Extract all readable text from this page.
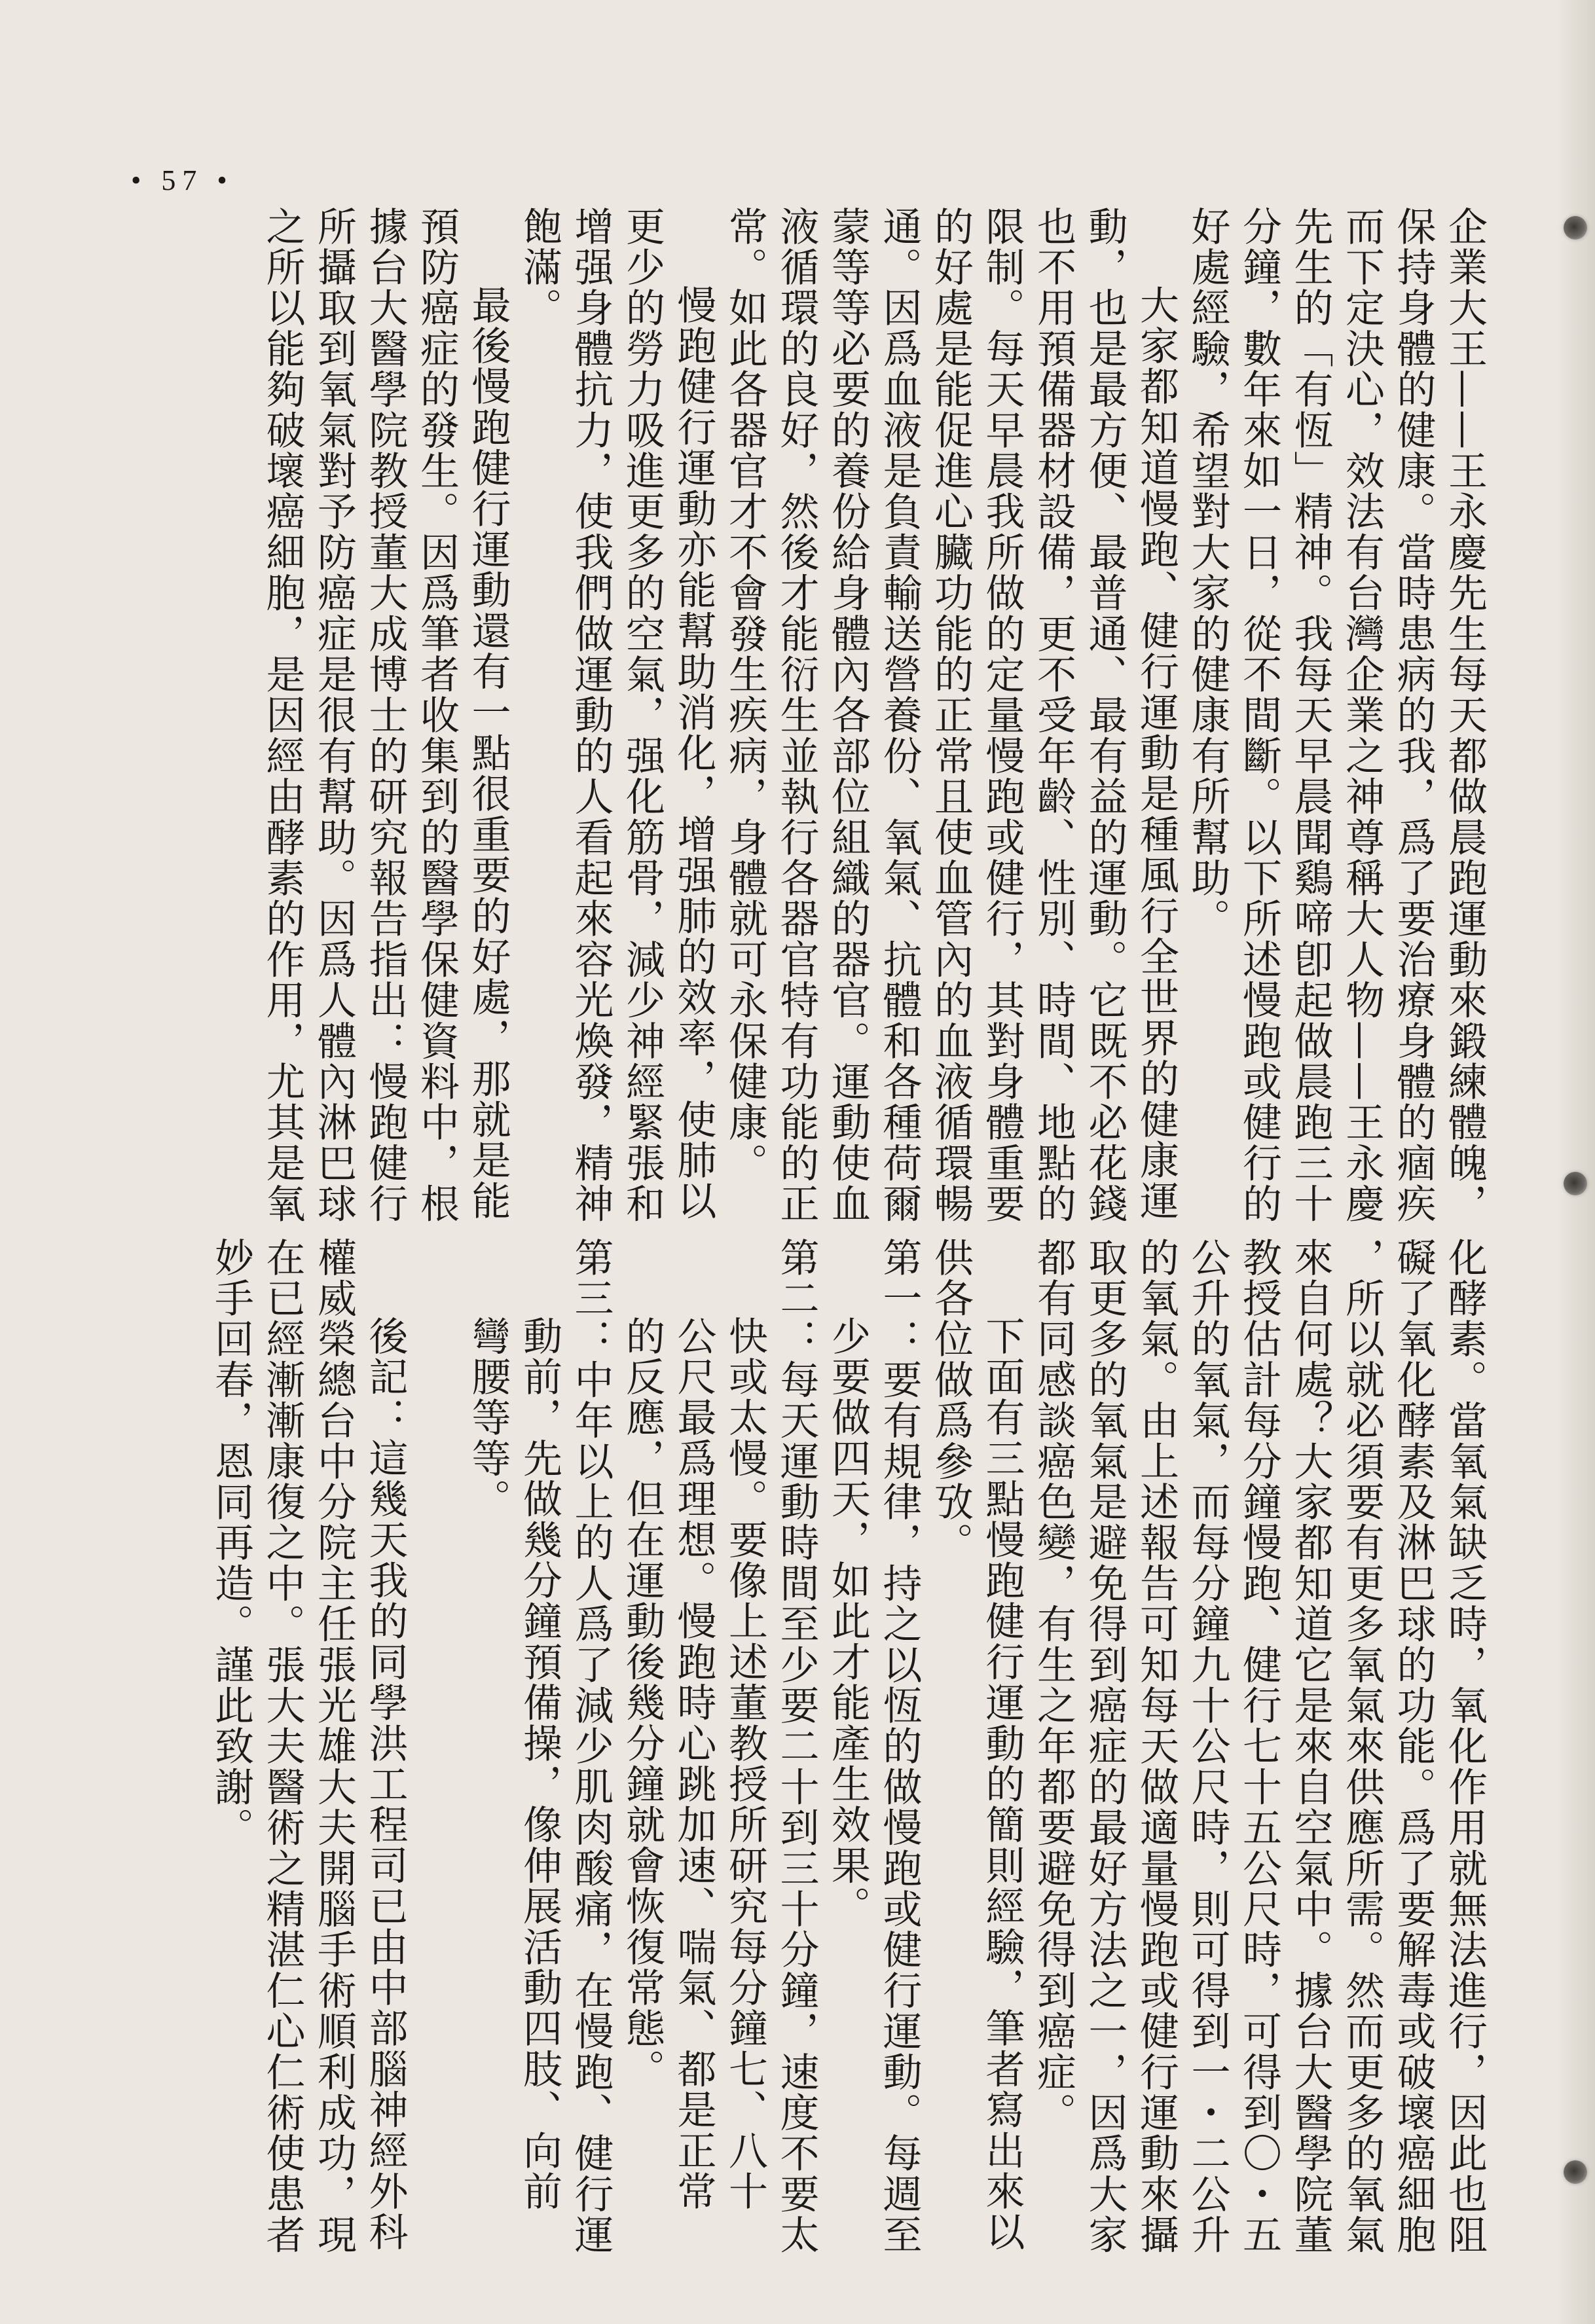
• 57 •
企業大王——王永慶先生每天都做晨跑運動來鍛練體魄，
保持身體的健康。當時患病的我，爲了要治療身體的痼疾
而下定決心，效法有台灣企業之神尊稱大人物——王永慶
先生的「有恆」精神。我每天早晨聞鷄啼卽起做晨跑三十
分鐘，數年來如一日，從不間斷。以下所述慢跑或健行的
好處經驗，希望對大家的健康有所幫助。
大家都知道慢跑、健行運動是種風行全世界的健康運
動，也是最方便、最普通、最有益的運動。它既不必花錢
也不用預備器材設備，更不受年齡、性別、時間、地點的
限制。每天早晨我所做的定量慢跑或健行，其對身體重要
的好處是能促進心臟功能的正常且使血管內的血液循環暢
通。因爲血液是負責輸送營養份、氧氣、抗體和各種荷爾
蒙等等必要的養份給身體內各部位組織的器官。運動使血
液循環的良好，然後才能衍生並執行各器官特有功能的正
常。如此各器官才不會發生疾病，身體就可永保健康。
慢跑健行運動亦能幫助消化，增强肺的效率，使肺以
更少的勞力吸進更多的空氣，强化筋骨，減少神經緊張和
增强身體抗力，使我們做運動的人看起來容光煥發，精神
飽滿。
最後慢跑健行運動還有一點很重要的好處，那就是能
預防癌症的發生。因爲筆者收集到的醫學保健資料中，根
據台大醫學院教授董大成博士的研究報告指出：慢跑健行
所攝取到氧氣對予防癌症是很有幫助。因爲人體內淋巴球
之所以能夠破壞癌細胞，是因經由酵素的作用，尤其是氧
化酵素。當氧氣缺乏時，氧化作用就無法進行，因此也阻
礙了氧化酵素及淋巴球的功能。爲了要解毒或破壞癌細胞
，所以就必須要有更多氧氣來供應所需。然而更多的氧氣
來自何處？大家都知道它是來自空氣中。據台大醫學院董
教授估計每分鐘慢跑、健行七十五公尺時，可得到〇・五
公升的氧氣，而每分鐘九十公尺時，則可得到一・二公升
的氧氣。由上述報告可知每天做適量慢跑或健行運動來攝
取更多的氧氣是避免得到癌症的最好方法之一，因爲大家
都有同感談癌色變，有生之年都要避免得到癌症。
下面有三點慢跑健行運動的簡則經驗，筆者寫出來以
供各位做爲參攷。
第一：要有規律，持之以恆的做慢跑或健行運動。每週至
少要做四天，如此才能產生效果。
第二：每天運動時間至少要二十到三十分鐘，速度不要太
快或太慢。要像上述董教授所研究每分鐘七、八十
公尺最爲理想。慢跑時心跳加速、喘氣、都是正常
的反應，但在運動後幾分鐘就會恢復常態。
第三：中年以上的人爲了減少肌肉酸痛，在慢跑、健行運
動前，先做幾分鐘預備操，像伸展活動四肢、向前
彎腰等等。

後記：這幾天我的同學洪工程司已由中部腦神經外科
權威榮總台中分院主任張光雄大夫開腦手術順利成功，現
在已經漸漸康復之中。張大夫醫術之精湛仁心仁術使患者
妙手回春，恩同再造。謹此致謝。
